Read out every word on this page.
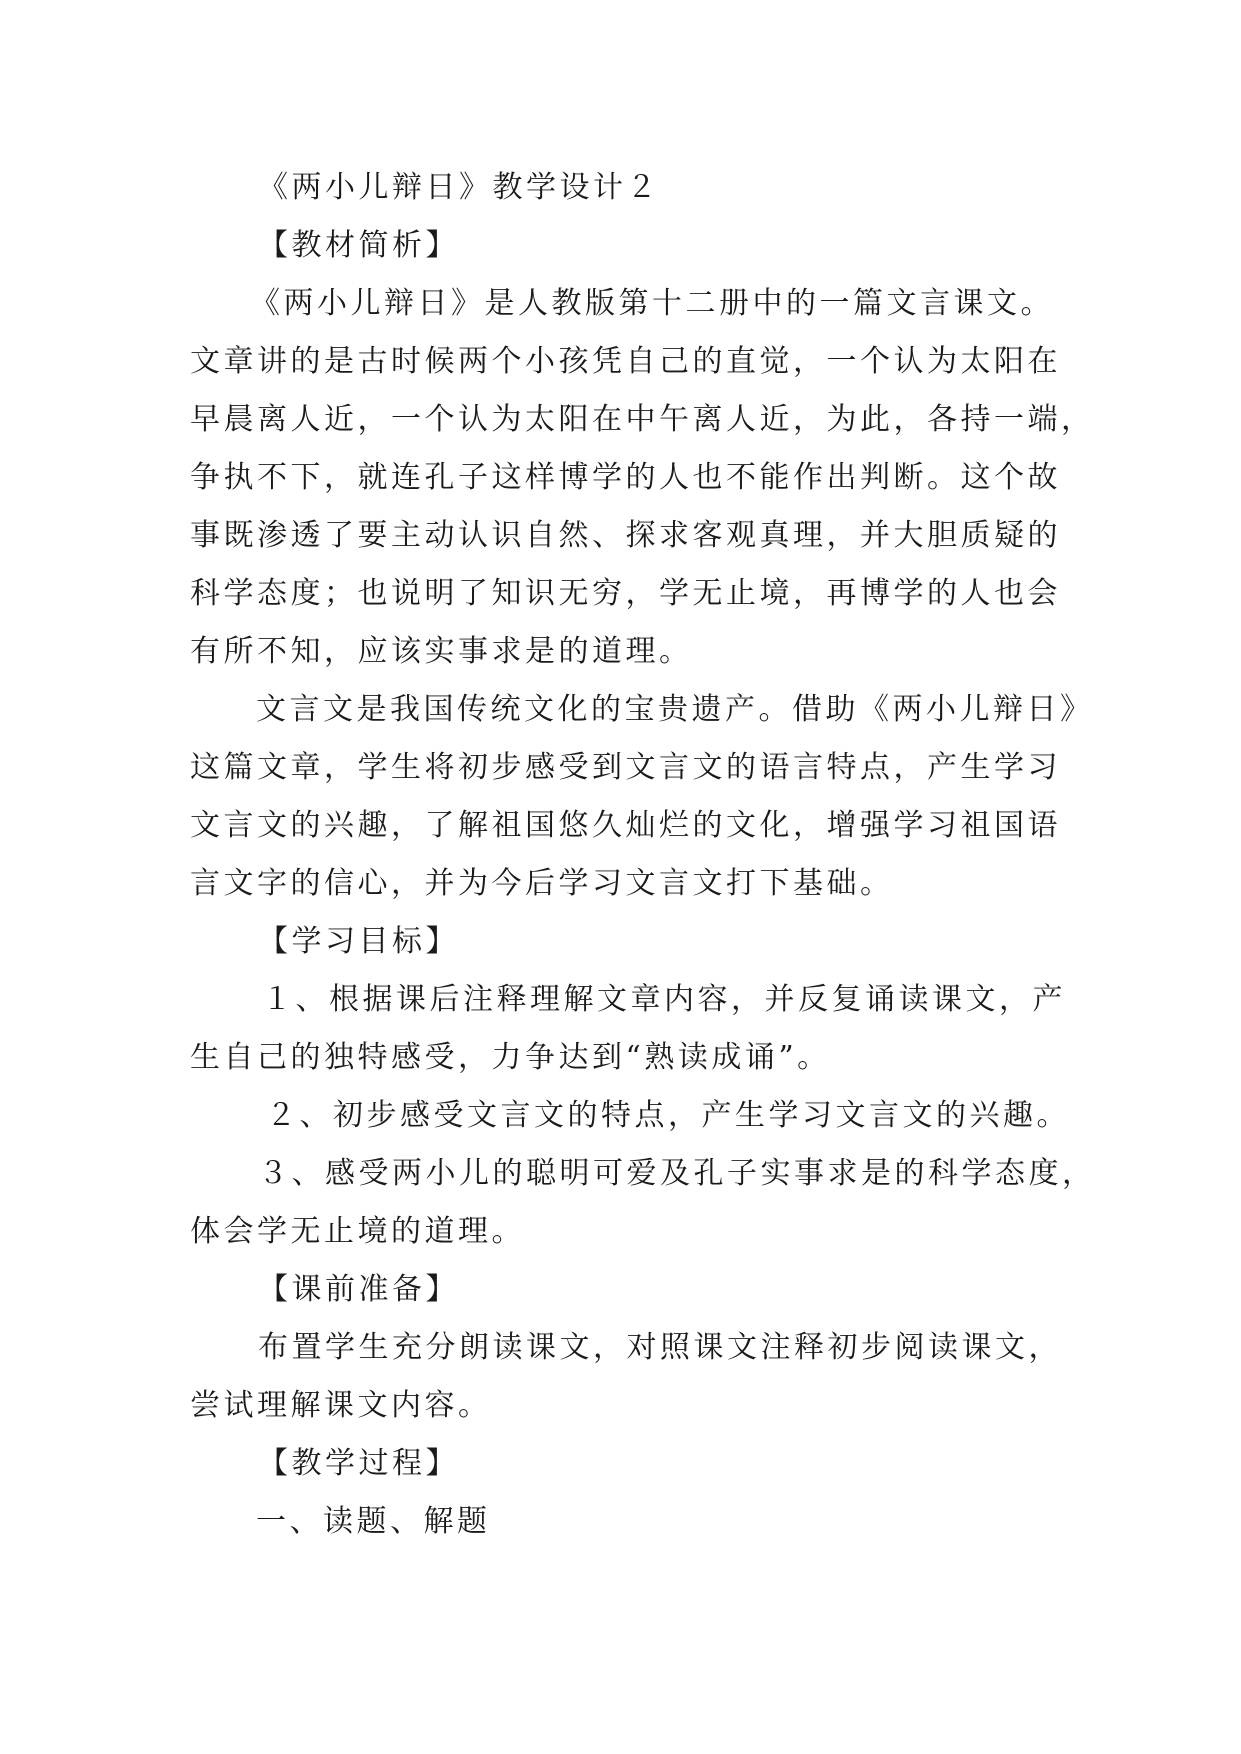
《两小儿辩日》教学设计２
【教材简析】
《两小儿辩日》是人教版第十二册中的一篇文言课文。
文章讲的是古时候两个小孩凭自己的直觉，一个认为太阳在
早晨离人近，一个认为太阳在中午离人近，为此，各持一端，
争执不下，就连孔子这样博学的人也不能作出判断。这个故
事既渗透了要主动认识自然、探求客观真理，并大胆质疑的
科学态度；也说明了知识无穷，学无止境，再博学的人也会
有所不知，应该实事求是的道理。
文言文是我国传统文化的宝贵遗产。借助《两小儿辩日》
这篇文章，学生将初步感受到文言文的语言特点，产生学习
文言文的兴趣，了解祖国悠久灿烂的文化，增强学习祖国语
言文字的信心，并为今后学习文言文打下基础。
【学习目标】
１、根据课后注释理解文章内容，并反复诵读课文，产
生自己的独特感受，力争达到“熟读成诵”。
２、初步感受文言文的特点，产生学习文言文的兴趣。
３、感受两小儿的聪明可爱及孔子实事求是的科学态度，
体会学无止境的道理。
【课前准备】
布置学生充分朗读课文，对照课文注释初步阅读课文，
尝试理解课文内容。
【教学过程】
一、读题、解题
